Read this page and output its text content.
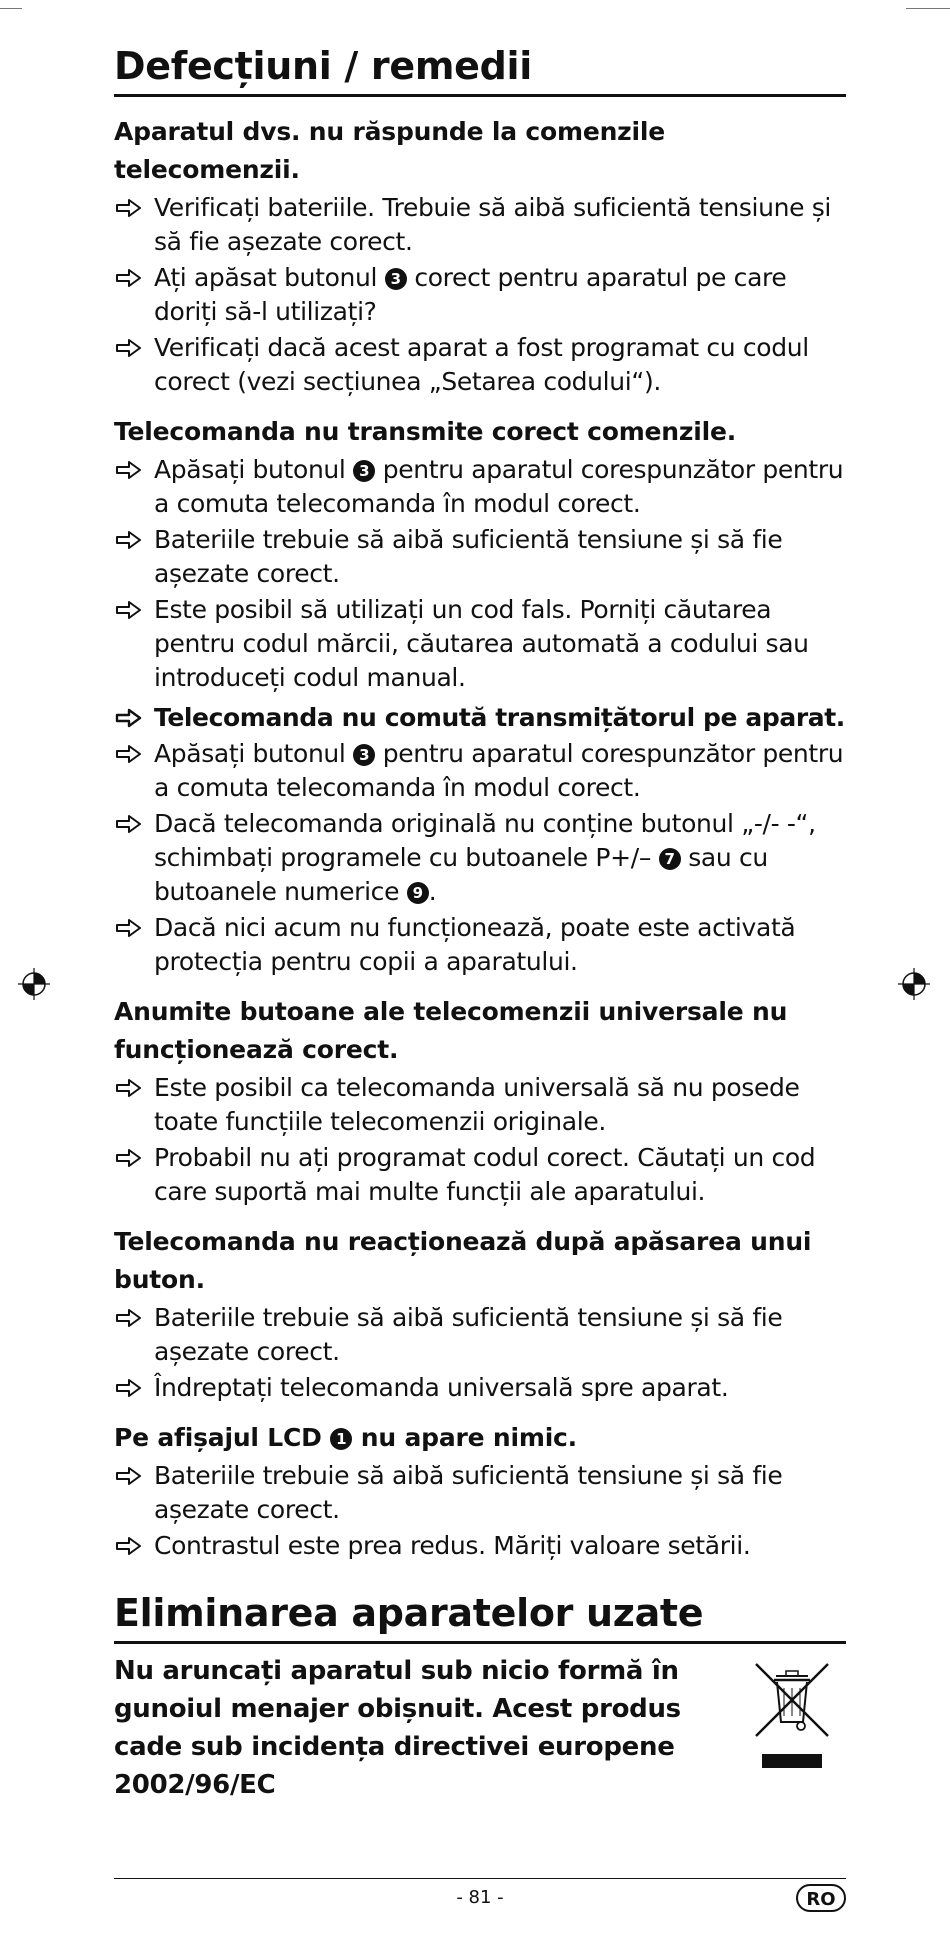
Defecțiuni / remedii
Aparatul dvs. nu răspunde la comenzile telecomenzii.
Verificați bateriile. Trebuie să aibă suficientă tensiune și să fie așezate corect.
Ați apăsat butonul 3 corect pentru aparatul pe care doriți să-l utilizați?
Verificați dacă acest aparat a fost programat cu codul corect (vezi secțiunea „Setarea codului“).
Telecomanda nu transmite corect comenzile.
Apăsați butonul 3 pentru aparatul corespunzător pentru a comuta telecomanda în modul corect.
Bateriile trebuie să aibă suficientă tensiune și să fie așezate corect.
Este posibil să utilizați un cod fals. Porniți căutarea pentru codul mărcii, căutarea automată a codului sau introduceți codul manual.
Telecomanda nu comută transmițătorul pe aparat.
Apăsați butonul 3 pentru aparatul corespunzător pentru a comuta telecomanda în modul corect.
Dacă telecomanda originală nu conține butonul „-/- -“, schimbați programele cu butoanele P+/– 7 sau cu butoanele numerice 9 .
Dacă nici acum nu funcționează, poate este activată protecția pentru copii a aparatului.
Anumite butoane ale telecomenzii universale nu funcționează corect.
Este posibil ca telecomanda universală să nu posede toate funcțiile telecomenzii originale.
Probabil nu ați programat codul corect. Căutați un cod care suportă mai multe funcții ale aparatului.
Telecomanda nu reacționează după apăsarea unui buton.
Bateriile trebuie să aibă suficientă tensiune și să fie așezate corect.
Îndreptați telecomanda universală spre aparat.
Pe afișajul LCD 1 nu apare nimic.
Bateriile trebuie să aibă suficientă tensiune și să fie așezate corect.
Contrastul este prea redus. Măriți valoare setării.
Eliminarea aparatelor uzate
Nu aruncați aparatul sub nicio formă în gunoiul menajer obișnuit. Acest produs cade sub incidența directivei europene 2002/96/EC
- 81 -	RO
